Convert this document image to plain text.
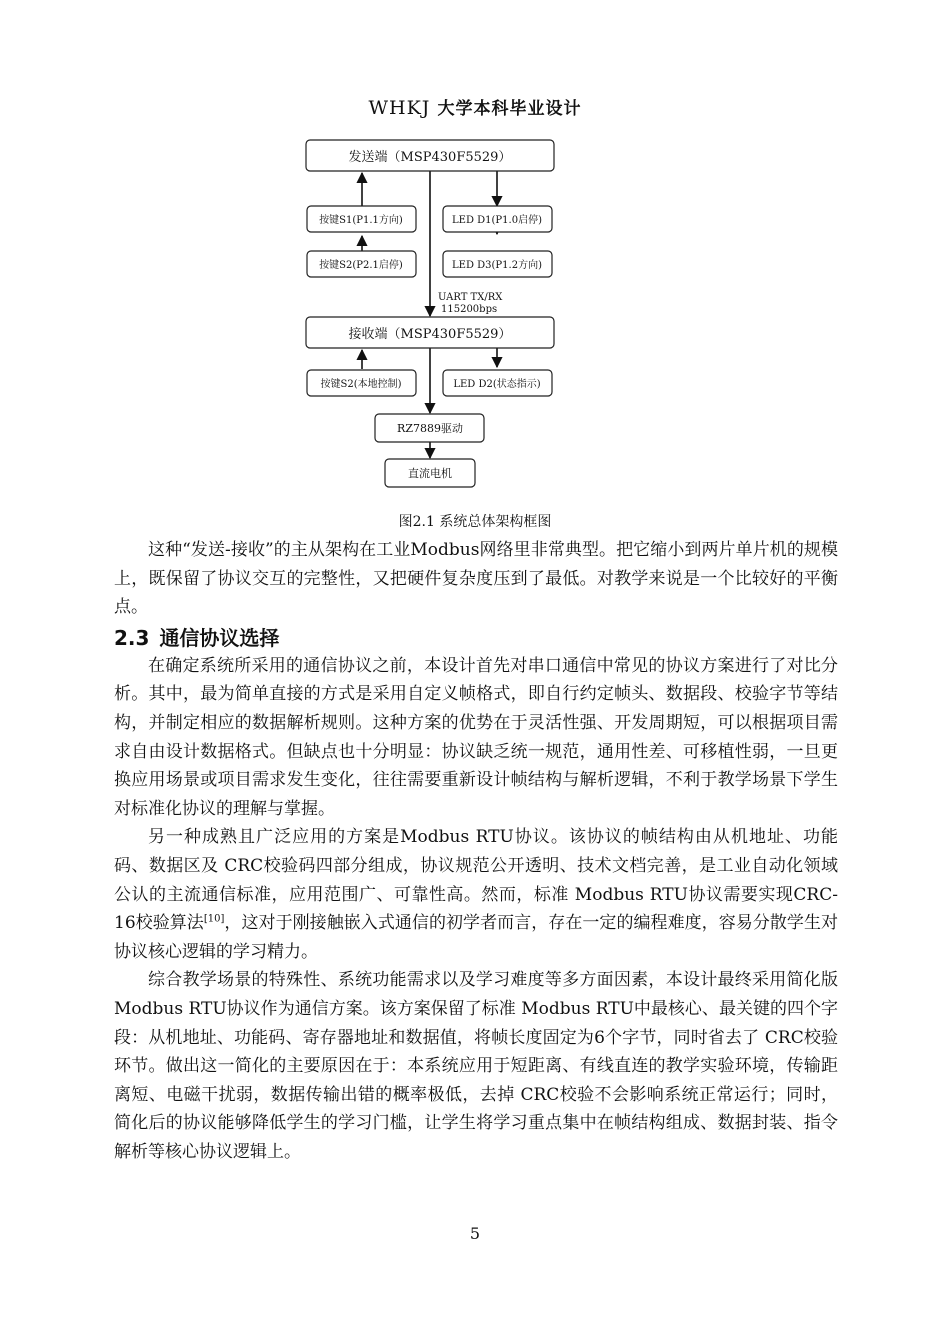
WHKJ 大学本科毕业设计
发送端（MSP430F5529）
按键S1(P1.1方向)
按键S2(P2.1启停)
LED D1(P1.0启停)
LED D3(P1.2方向)
UART TX/RX
115200bps
接收端（MSP430F5529）
按键S2(本地控制)	LED D2(状态指示)
RZ7889驱动
直流电机
图2.1 系统总体架构框图

这种“发送-接收”的主从架构在工业Modbus网络里非常典型。把它缩小到两片单片机的规模上，既保留了协议交互的完整性，又把硬件复杂度压到了最低。对教学来说是一个比较好的平衡点。

2.3 通信协议选择

在确定系统所采用的通信协议之前，本设计首先对串口通信中常见的协议方案进行了对比分析。其中，最为简单直接的方式是采用自定义帧格式，即自行约定帧头、数据段、校验字节等结构，并制定相应的数据解析规则。这种方案的优势在于灵活性强、开发周期短，可以根据项目需求自由设计数据格式。但缺点也十分明显：协议缺乏统一规范，通用性差、可移植性弱，一旦更换应用场景或项目需求发生变化，往往需要重新设计帧结构与解析逻辑，不利于教学场景下学生对标准化协议的理解与掌握。

另一种成熟且广泛应用的方案是Modbus RTU协议。该协议的帧结构由从机地址、功能码、数据区及 CRC校验码四部分组成，协议规范公开透明、技术文档完善，是工业自动化领域公认的主流通信标准，应用范围广、可靠性高。然而，标准 Modbus RTU协议需要实现CRC-16校验算法[10]，这对于刚接触嵌入式通信的初学者而言，存在一定的编程难度，容易分散学生对协议核心逻辑的学习精力。

综合教学场景的特殊性、系统功能需求以及学习难度等多方面因素，本设计最终采用简化版 Modbus RTU协议作为通信方案。该方案保留了标准 Modbus RTU中最核心、最关键的四个字段：从机地址、功能码、寄存器地址和数据值，将帧长度固定为6个字节，同时省去了 CRC校验环节。做出这一简化的主要原因在于：本系统应用于短距离、有线直连的教学实验环境，传输距离短、电磁干扰弱，数据传输出错的概率极低，去掉 CRC校验不会影响系统正常运行；同时，简化后的协议能够降低学生的学习门槛，让学生将学习重点集中在帧结构组成、数据封装、指令解析等核心协议逻辑上。

5
